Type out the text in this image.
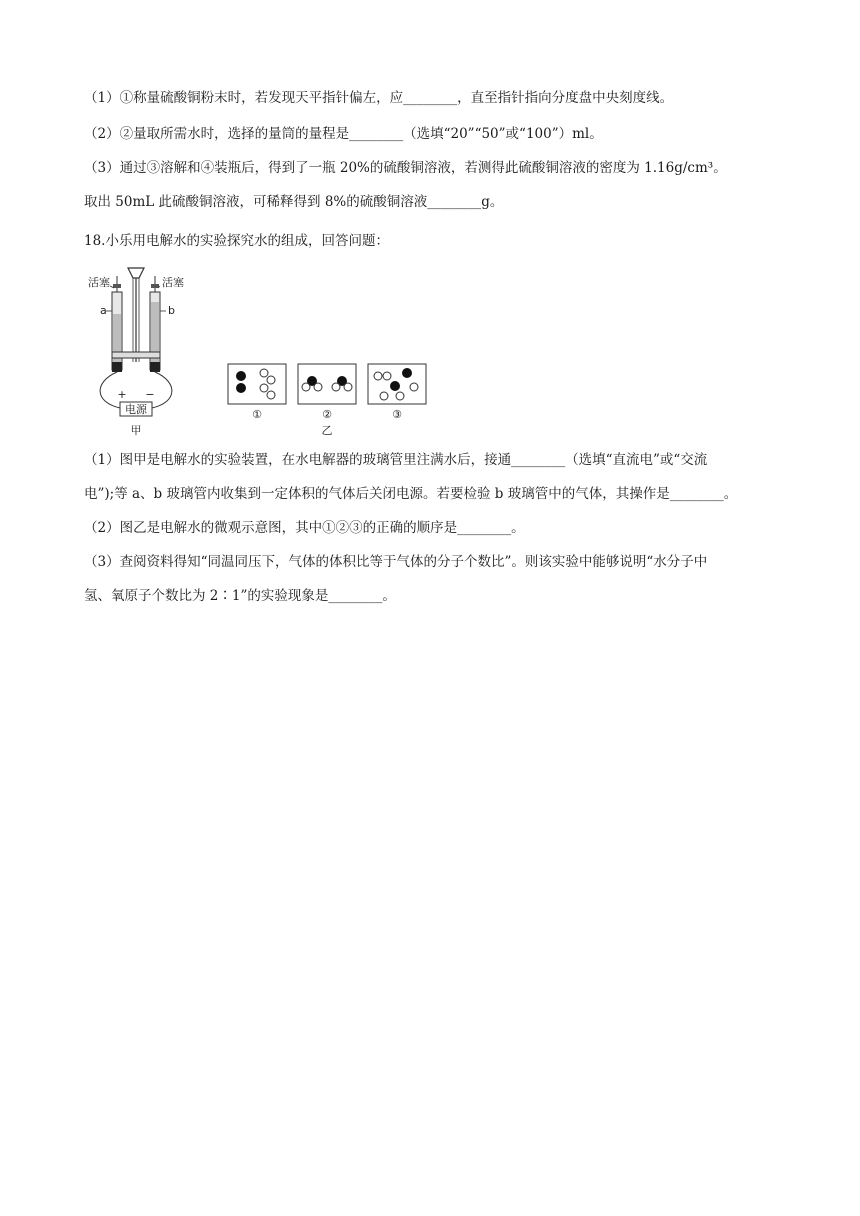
（1）①称量硫酸铜粉末时，若发现天平指针偏左，应________，直至指针指向分度盘中央刻度线。
（2）②量取所需水时，选择的量筒的量程是________（选填“20”“50”或“100”）ml。
（3）通过③溶解和④装瓶后，得到了一瓶 20%的硫酸铜溶液，若测得此硫酸铜溶液的密度为 1.16g/cm³。
取出 50mL 此硫酸铜溶液，可稀释得到 8%的硫酸铜溶液________g。
18.小乐用电解水的实验探究水的组成，回答问题：
电源
+ −
活塞	活塞
a	b
甲
①	②
乙
③
（1）图甲是电解水的实验装置，在水电解器的玻璃管里注满水后，接通________（选填“直流电”或“交流
电”);等 a、b 玻璃管内收集到一定体积的气体后关闭电源。若要检验 b 玻璃管中的气体，其操作是________。
（2）图乙是电解水的微观示意图，其中①②③的正确的顺序是________。
（3）查阅资料得知“同温同压下，气体的体积比等于气体的分子个数比”。则该实验中能够说明“水分子中
氢、氧原子个数比为 2∶1”的实验现象是________。
